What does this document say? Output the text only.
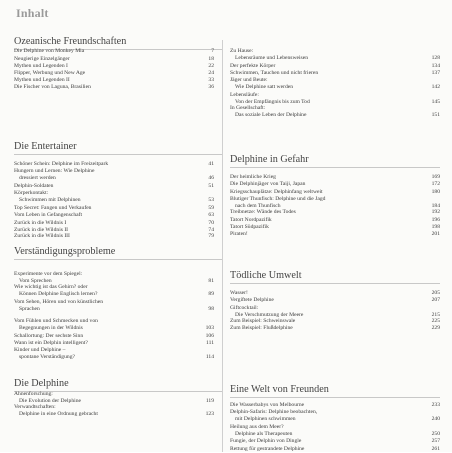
Inhalt
Ozeanische Freundschaften
Die Delphine von Monkey Mia	7
Neugierige Einzelgänger	18
Mythen und Legenden I	22
Flipper, Werbung und New Age	24
Mythen und Legenden II	33
Die Fischer von Laguna, Brasilien	36
Die Entertainer
Schöner Schein: Delphine im Freizeitpark	41
Hungern und Lernen: Wie Delphine
dressiert werden	46
Delphin-Soldaten	51
Körperkontakt:
Schwimmen mit Delphinen	53
Top Secret: Fangen und Verkaufen	59
Vom Leben in Gefangenschaft	63
Zurück in die Wildnis I	70
Zurück in die Wildnis II	74
Zurück in die Wildnis III	79
Verständigungsprobleme
Experimente vor dem Spiegel:
Vom Sprechen	81
Wie wichtig ist das Gehirn? oder
Können Delphine Englisch lernen?	89
Vom Sehen, Hören und von künstlichen
Sprachen	98
Vom Fühlen und Schmecken und von
Begegnungen in der Wildnis	103
Schallortung: Der sechste Sinn	106
Wann ist ein Delphin intelligent?	111
Kinder und Delphine –
spontane Verständigung?	114
Die Delphine
Ahnenforschung:
Die Evolution der Delphine	119
Verwandtschaften:
Delphine in eine Ordnung gebracht	123
Zu Hause:
Lebensräume und Lebensweisen	128
Der perfekte Körper	134
Schwimmen, Tauchen und nicht frieren	137
Jäger und Beute:
Wie Delphine satt werden	142
Lebensläufe:
Von der Empfängnis bis zum Tod	145
In Gesellschaft:
Das soziale Leben der Delphine	151
Delphine in Gefahr
Der heimliche Krieg	169
Die Delphinjäger von Taiji, Japan	172
Kriegsschauplätze: Delphinfang weltweit	180
Blutiger Thunfisch: Delphine und die Jagd
nach dem Thunfisch	184
Treibnetze: Wände des Todes	192
Tatort Nordpazifik	196
Tatort Südpazifik	198
Piraten!	201
Tödliche Umwelt
Wasser!	205
Vergiftete Delphine	207
Giftcocktail:
Die Verschmutzung der Meere	215
Zum Beispiel: Schweinswale	225
Zum Beispiel: Flußdelphine	229
Eine Welt von Freunden
Die Wasserbabys von Melbourne	233
Delphin-Safaris: Delphine beobachten,
mit Delphinen schwimmen	240
Heilung aus dem Meer?
Delphine als Therapeuten	250
Fungie, der Delphin von Dingle	257
Rettung für gestrandete Delphine	261
